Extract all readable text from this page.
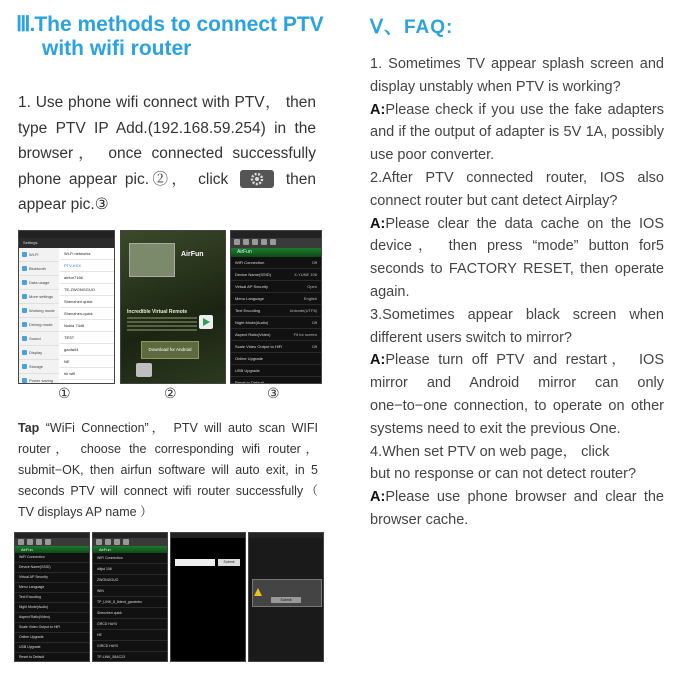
Ⅲ.The methods to connect PTV
with wifi router
1. Use phone wifi connect with PTV， then type PTV IP Add.(192.168.59.254) in the browser， once connected successfully phone appear pic.②， click	then appear pic.③
Settings
Wi-Fi
Bluetooth
Data usage
More settings
Working mode
Driving mode
Sound
Display
Storage
Power saving
Wi-Fi networks
PTV-XXX
airfun7166
TE-ZWONGGUO
Shenzhen quick
Shenzhen-quick
Nokia 7446
TEST
gaofa04
NE
hk wifi
AirFun
Incredible Virtual Remote
Download for Android
AirFun
WiFi Connection	Off
Device Name(SSID)	X-YUNE 106
Virtual AP Security	Open
Menu Language	English
Text Encoding	Unicode(UTF8)
Night Mode(Audio)	Off
Aspect Ratio(Video)	Fit for screen
Scale Video Output to HiFi	Off
Online Upgrade
USB Upgrade
Reset to Default
①	②	③
Tap “WiFi Connection”， PTV will auto scan WIFI router， choose the corresponding wifi router， submit−OK, then airfun software will auto exit, in 5 seconds PTV will connect wifi router successfully（ TV displays AP name ）
AirFun
WiFi Connection
Device Name(SSID)
Virtual AP Security
Menu Language
Text Encoding
Night Mode(Audio)
Aspect Ratio(Video)
Scale Video Output to HiFi
Online Upgrade
USB Upgrade
Reset to Default
AirFun
WiFi Connection
dlkjst 106
ZWONGGUO
WIN
TP_LINK_8_6dent_gaoxinbo
Shenzhen quick
GRCD HAY0
HE
GIRCD HAY0
TP-LINK_55AC23
Submit
Submit
Ⅴ、FAQ:

1. Sometimes TV appear splash screen and display unstably when PTV is working?

A:Please check if you use the fake adapters and if the output of adapter is 5V 1A, possibly use poor converter.

2.After PTV connected router, IOS also connect router but cant detect Airplay?

A:Please clear the data cache on the IOS device， then press “mode” button for5 seconds to FACTORY RESET, then operate again.

3.Sometimes appear black screen when different users switch to mirror?

A:Please turn off PTV and restart， IOS mirror and Android mirror can only one−to−one connection, to operate on other systems need to exit the previous One.

4.When set PTV on web page， click

but no response or can not detect router?

A:Please use phone browser and clear the browser cache.
